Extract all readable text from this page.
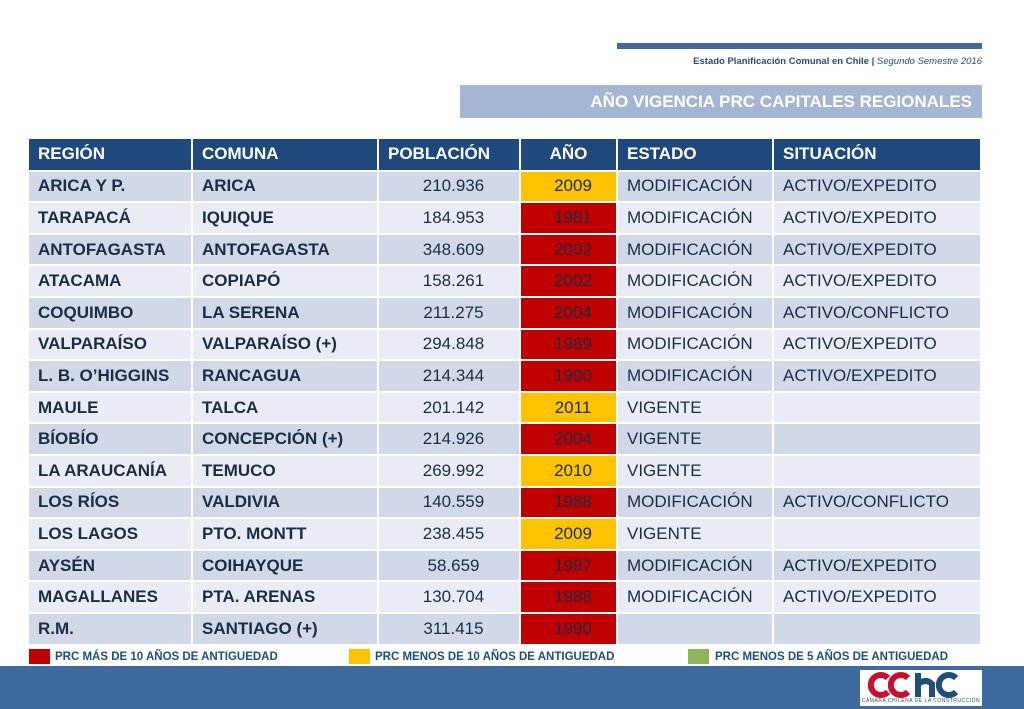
Estado Planificación Comunal en Chile | Segundo Semestre 2016
AÑO VIGENCIA PRC CAPITALES REGIONALES
REGIÓN	COMUNA	POBLACIÓN	AÑO	ESTADO	SITUACIÓN
ARICA Y P.	ARICA	210.936	2009	MODIFICACIÓN	ACTIVO/EXPEDITO
TARAPACÁ	IQUIQUE	184.953	1981	MODIFICACIÓN	ACTIVO/EXPEDITO
ANTOFAGASTA	ANTOFAGASTA	348.609	2002	MODIFICACIÓN	ACTIVO/EXPEDITO
ATACAMA	COPIAPÓ	158.261	2002	MODIFICACIÓN	ACTIVO/EXPEDITO
COQUIMBO	LA SERENA	211.275	2004	MODIFICACIÓN	ACTIVO/CONFLICTO
VALPARAÍSO	VALPARAÍSO (+)	294.848	1989	MODIFICACIÓN	ACTIVO/EXPEDITO
L. B. O’HIGGINS	RANCAGUA	214.344	1990	MODIFICACIÓN	ACTIVO/EXPEDITO
MAULE	TALCA	201.142	2011	VIGENTE	
BÍOBÍO	CONCEPCIÓN (+)	214.926	2004	VIGENTE	
LA ARAUCANÍA	TEMUCO	269.992	2010	VIGENTE	
LOS RÍOS	VALDIVIA	140.559	1988	MODIFICACIÓN	ACTIVO/CONFLICTO
LOS LAGOS	PTO. MONTT	238.455	2009	VIGENTE	
AYSÉN	COIHAYQUE	58.659	1997	MODIFICACIÓN	ACTIVO/EXPEDITO
MAGALLANES	PTA. ARENAS	130.704	1988	MODIFICACIÓN	ACTIVO/EXPEDITO
R.M.	SANTIAGO (+)	311.415	1990		
PRC MÁS DE 10 AÑOS DE ANTIGUEDAD	PRC MENOS DE 10 AÑOS DE ANTIGUEDAD	PRC MENOS DE 5 AÑOS DE ANTIGUEDAD
CÁMARA CHILENA DE LA CONSTRUCCIÓN
